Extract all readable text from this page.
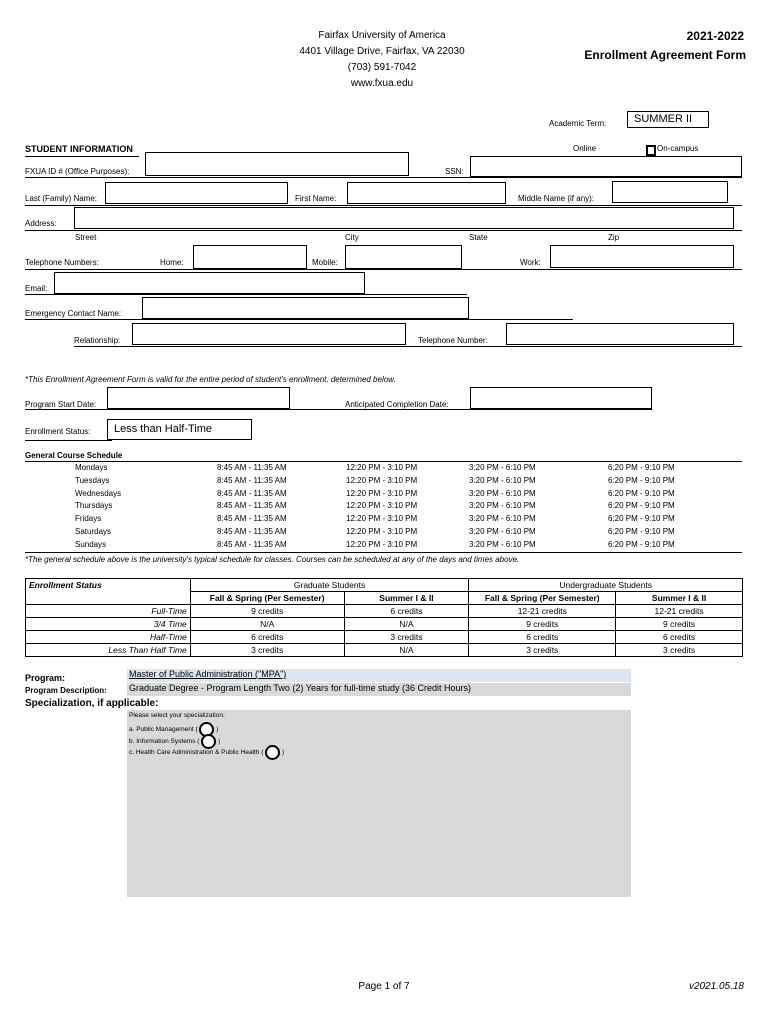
Fairfax University of America
4401 Village Drive, Fairfax, VA 22030
(703) 591-7042
www.fxua.edu
2021-2022
Enrollment Agreement Form
Academic Term:	SUMMER II
STUDENT INFORMATION	Online	On-campus
FXUA ID # (Office Purposes):	SSN:
Last (Family) Name:	First Name:	Middle Name (if any):
Address:
Street	City	State	Zip
Telephone Numbers:	Home:	Mobile:	Work:
Email:
Emergency Contact Name:
Relationship:	Telephone Number:
*This Enrollment Agreement Form is valid for the entire period of student's enrollment, determined below.
Program Start Date:	Anticipated Completion Date:
Enrollment Status:	Less than Half-Time
General Course Schedule
Mondays	8:45 AM - 11:35 AM	12:20 PM - 3:10 PM	3:20 PM - 6:10 PM	6:20 PM - 9:10 PM
Tuesdays	8:45 AM - 11:35 AM	12:20 PM - 3:10 PM	3:20 PM - 6:10 PM	6:20 PM - 9:10 PM
Wednesdays	8:45 AM - 11:35 AM	12:20 PM - 3:10 PM	3:20 PM - 6:10 PM	6:20 PM - 9:10 PM
Thursdays	8:45 AM - 11:35 AM	12:20 PM - 3:10 PM	3:20 PM - 6:10 PM	6:20 PM - 9:10 PM
Fridays	8:45 AM - 11:35 AM	12:20 PM - 3:10 PM	3:20 PM - 6:10 PM	6:20 PM - 9:10 PM
Saturdays	8:45 AM - 11:35 AM	12:20 PM - 3:10 PM	3:20 PM - 6:10 PM	6:20 PM - 9:10 PM
Sundays	8:45 AM - 11:35 AM	12:20 PM - 3:10 PM	3:20 PM - 6:10 PM	6:20 PM - 9:10 PM
*The general schedule above is the university's typical schedule for classes. Courses can be scheduled at any of the days and times above.
Enrollment Status	Graduate Students		Undergraduate Students	
	Fall & Spring (Per Semester)	Summer I & II	Fall & Spring (Per Semester)	Summer I & II
Full-Time	9 credits	6 credits	12-21 credits	12-21 credits
3/4 Time	N/A	N/A	9 credits	9 credits
Half-Time	6 credits	3 credits	6 credits	6 credits
Less Than Half Time	3 credits	N/A	3 credits	3 credits
Program:	Master of Public Administration ("MPA")
Program Description: Graduate Degree - Program Length Two (2) Years for full-time study (36 Credit Hours)
Specialization, if applicable:
Please select your specialization:
a. Public Management (	)
b. Information Systems (	)
c. Health Care Administration & Public Health (	)
Page 1 of 7	v2021.05.18
